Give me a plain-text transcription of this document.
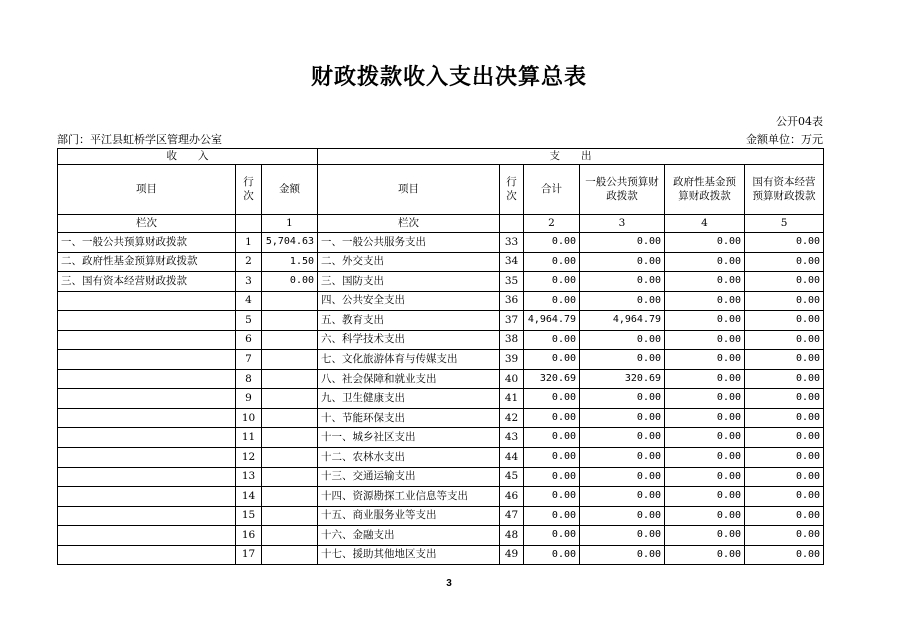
财政拨款收入支出决算总表
公开04表
部门：平江县虹桥学区管理办公室	金额单位：万元
收　　入			支　　出					
项目	行次	金额	项目	行次	合计	一般公共预算财政拨款	政府性基金预算财政拨款	国有资本经营预算财政拨款
栏次		1	栏次		2	3	4	5
一、一般公共预算财政拨款	1	5,704.63	一、一般公共服务支出	33	0.00	0.00	0.00	0.00
二、政府性基金预算财政拨款	2	1.50	二、外交支出	34	0.00	0.00	0.00	0.00
三、国有资本经营财政拨款	3	0.00	三、国防支出	35	0.00	0.00	0.00	0.00
	4		四、公共安全支出	36	0.00	0.00	0.00	0.00
	5		五、教育支出	37	4,964.79	4,964.79	0.00	0.00
	6		六、科学技术支出	38	0.00	0.00	0.00	0.00
	7		七、文化旅游体育与传媒支出	39	0.00	0.00	0.00	0.00
	8		八、社会保障和就业支出	40	320.69	320.69	0.00	0.00
	9		九、卫生健康支出	41	0.00	0.00	0.00	0.00
	10		十、节能环保支出	42	0.00	0.00	0.00	0.00
	11		十一、城乡社区支出	43	0.00	0.00	0.00	0.00
	12		十二、农林水支出	44	0.00	0.00	0.00	0.00
	13		十三、交通运输支出	45	0.00	0.00	0.00	0.00
	14		十四、资源勘探工业信息等支出	46	0.00	0.00	0.00	0.00
	15		十五、商业服务业等支出	47	0.00	0.00	0.00	0.00
	16		十六、金融支出	48	0.00	0.00	0.00	0.00
	17		十七、援助其他地区支出	49	0.00	0.00	0.00	0.00
3
